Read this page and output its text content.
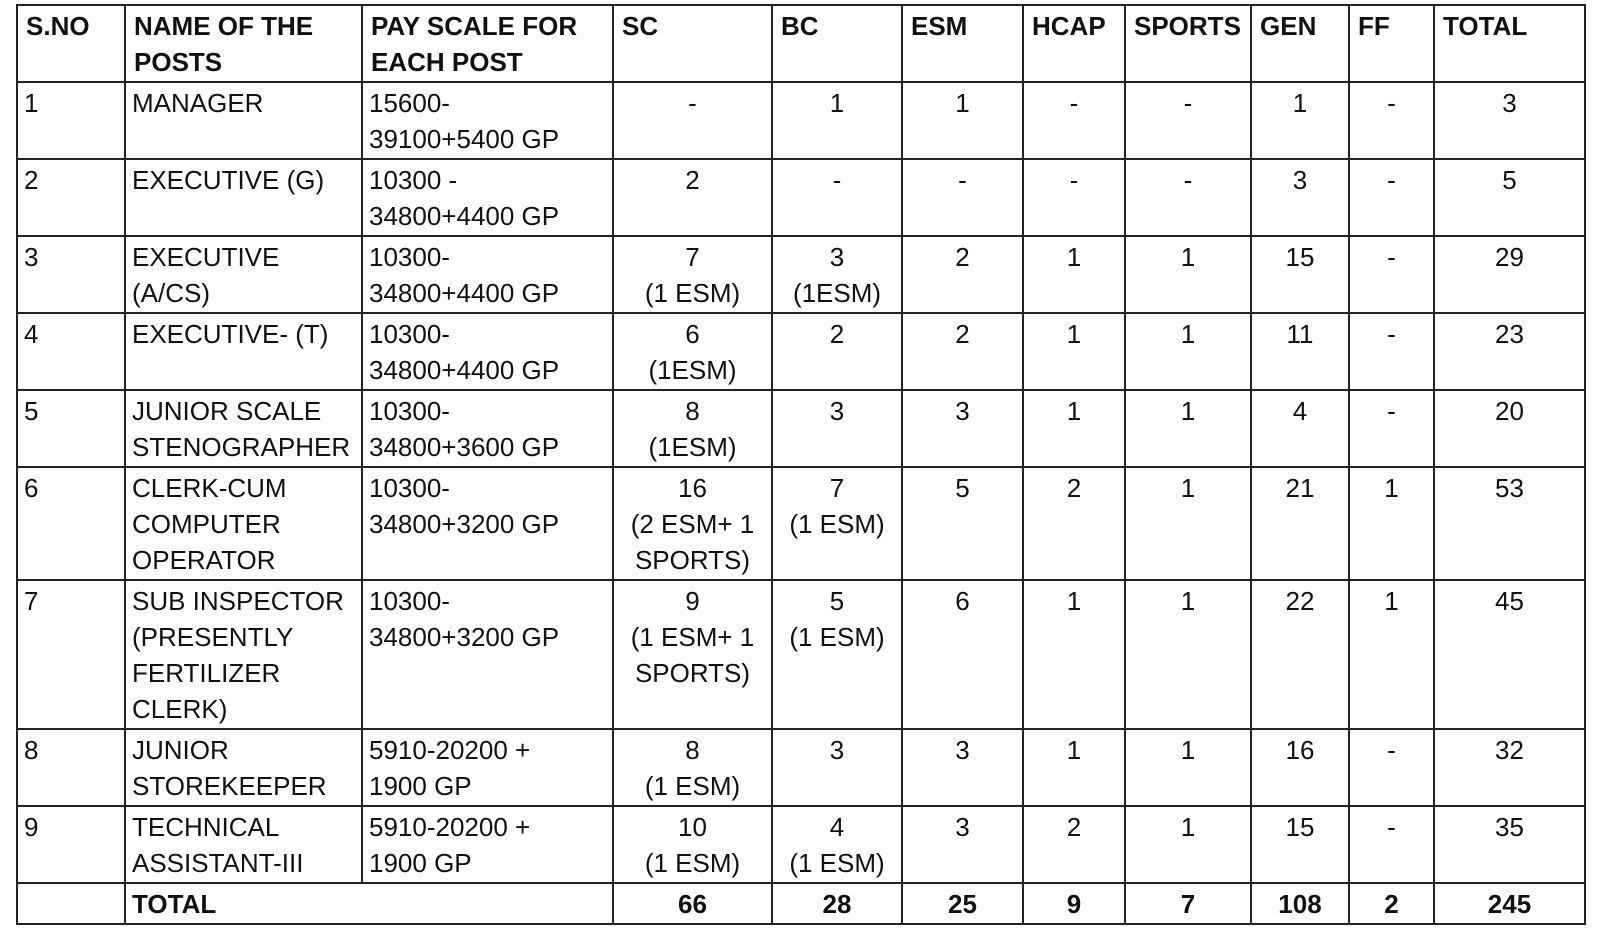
S.NO	NAME OF THE POSTS	PAY SCALE FOR EACH POST	SC	BC	ESM	HCAP	SPORTS	GEN	FF	TOTAL
1	MANAGER	15600-
39100+5400 GP	-	1	1	-	-	1	-	3
2	EXECUTIVE (G)	10300 -
34800+4400 GP	2	-	-	-	-	3	-	5
3	EXECUTIVE
(A/CS)	10300-
34800+4400 GP	7
(1 ESM)	3
(1ESM)	2	1	1	15	-	29
4	EXECUTIVE- (T)	10300-
34800+4400 GP	6
(1ESM)	2	2	1	1	11	-	23
5	JUNIOR SCALE
STENOGRAPHER	10300-
34800+3600 GP	8
(1ESM)	3	3	1	1	4	-	20
6	CLERK-CUM
COMPUTER
OPERATOR	10300-
34800+3200 GP	16
(2 ESM+ 1
SPORTS)	7
(1 ESM)	5	2	1	21	1	53
7	SUB INSPECTOR
(PRESENTLY
FERTILIZER
CLERK)	10300-
34800+3200 GP	9
(1 ESM+ 1
SPORTS)	5
(1 ESM)	6	1	1	22	1	45
8	JUNIOR
STOREKEEPER	5910-20200 +
1900 GP	8
(1 ESM)	3	3	1	1	16	-	32
9	TECHNICAL
ASSISTANT-III	5910-20200 +
1900 GP	10
(1 ESM)	4
(1 ESM)	3	2	1	15	-	35
	TOTAL		66	28	25	9	7	108	2	245
